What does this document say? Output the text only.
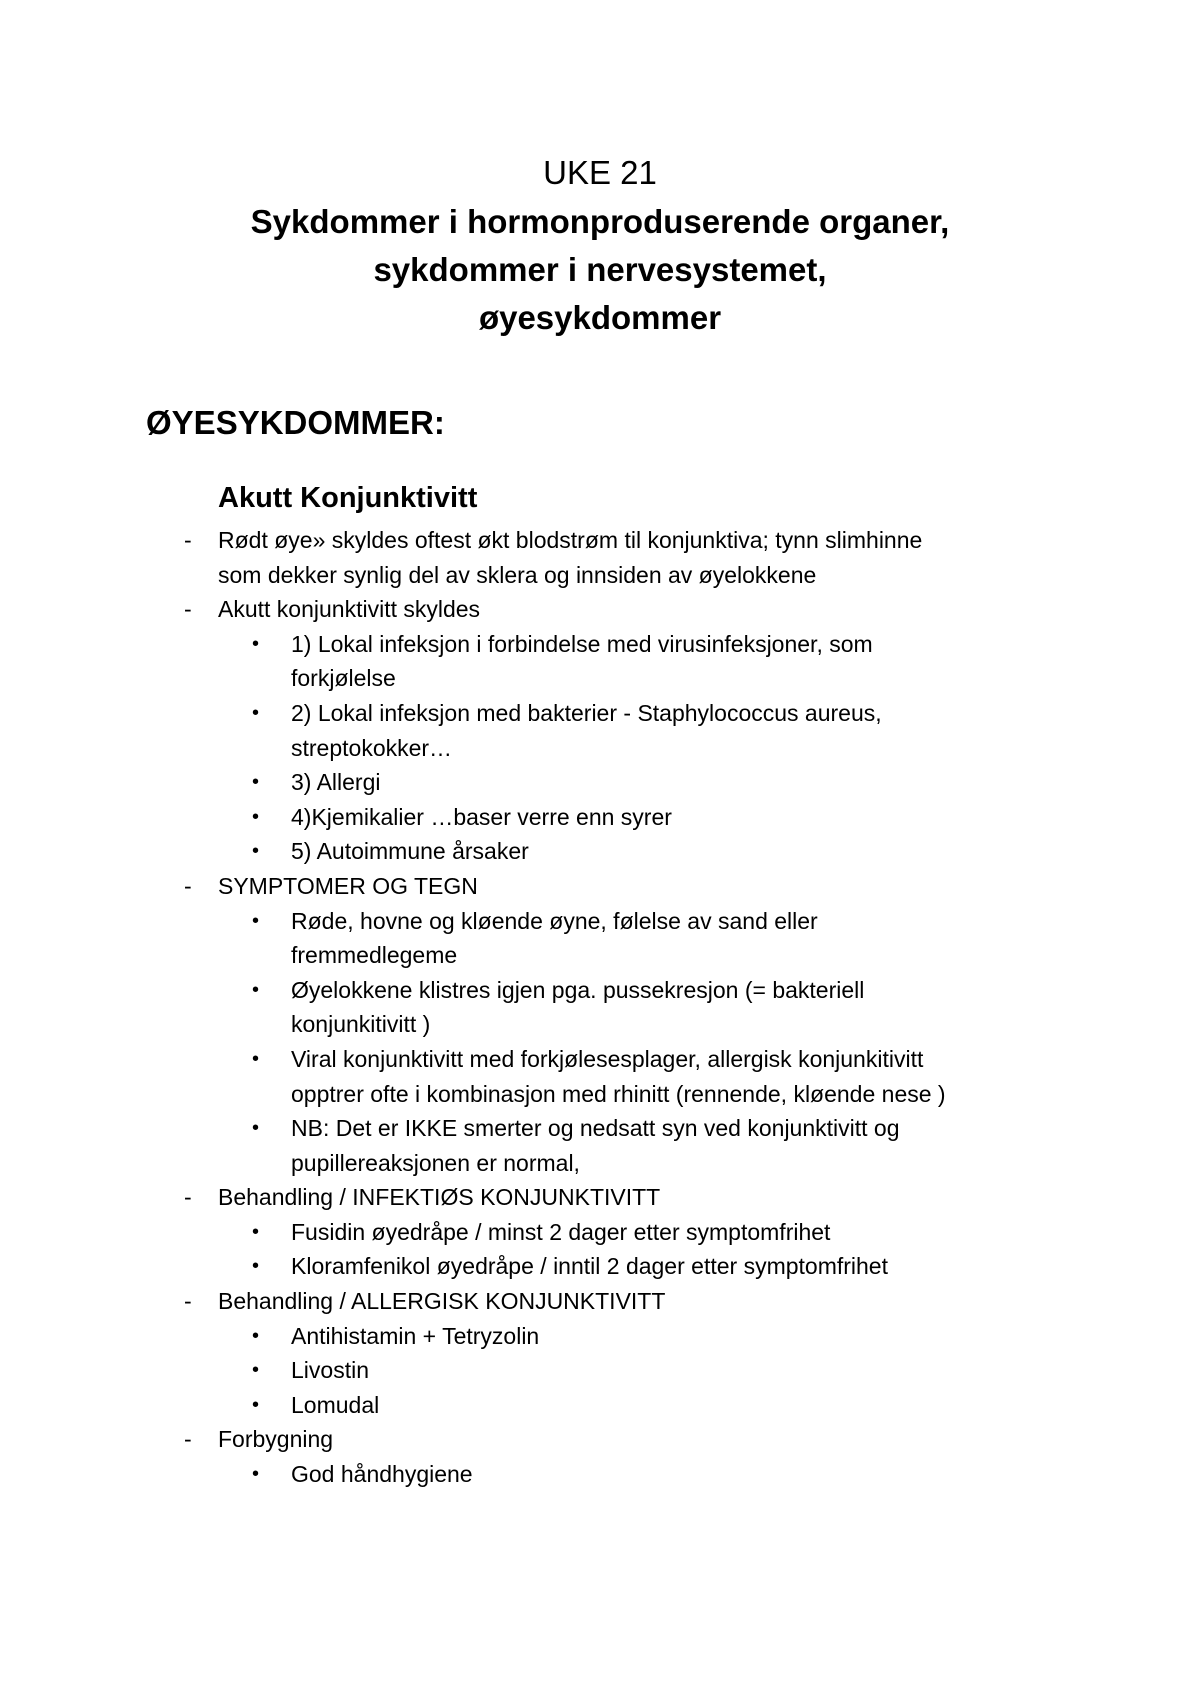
UKE 21

Sykdommer i hormonproduserende organer,
sykdommer i nervesystemet,
øyesykdommer
ØYESYKDOMMER:
Akutt Konjunktivitt
- Rødt øye» skyldes oftest økt blodstrøm til konjunktiva; tynn slimhinne
som dekker synlig del av sklera og innsiden av øyelokkene
- Akutt konjunktivitt skyldes
• 1) Lokal infeksjon i forbindelse med virusinfeksjoner, som
forkjølelse
• 2) Lokal infeksjon med bakterier - Staphylococcus aureus,
streptokokker…
• 3) Allergi
• 4)Kjemikalier …baser verre enn syrer
• 5) Autoimmune årsaker
- SYMPTOMER OG TEGN
• Røde, hovne og kløende øyne, følelse av sand eller
fremmedlegeme
• Øyelokkene klistres igjen pga. pussekresjon (= bakteriell
konjunkitivitt )
• Viral konjunktivitt med forkjølesesplager, allergisk konjunkitivitt
opptrer ofte i kombinasjon med rhinitt (rennende, kløende nese )
• NB: Det er IKKE smerter og nedsatt syn ved konjunktivitt og
pupillereaksjonen er normal,
- Behandling / INFEKTIØS KONJUNKTIVITT
• Fusidin øyedråpe / minst 2 dager etter symptomfrihet
• Kloramfenikol øyedråpe / inntil 2 dager etter symptomfrihet
- Behandling / ALLERGISK KONJUNKTIVITT
• Antihistamin + Tetryzolin
• Livostin
• Lomudal
- Forbygning
• God håndhygiene
